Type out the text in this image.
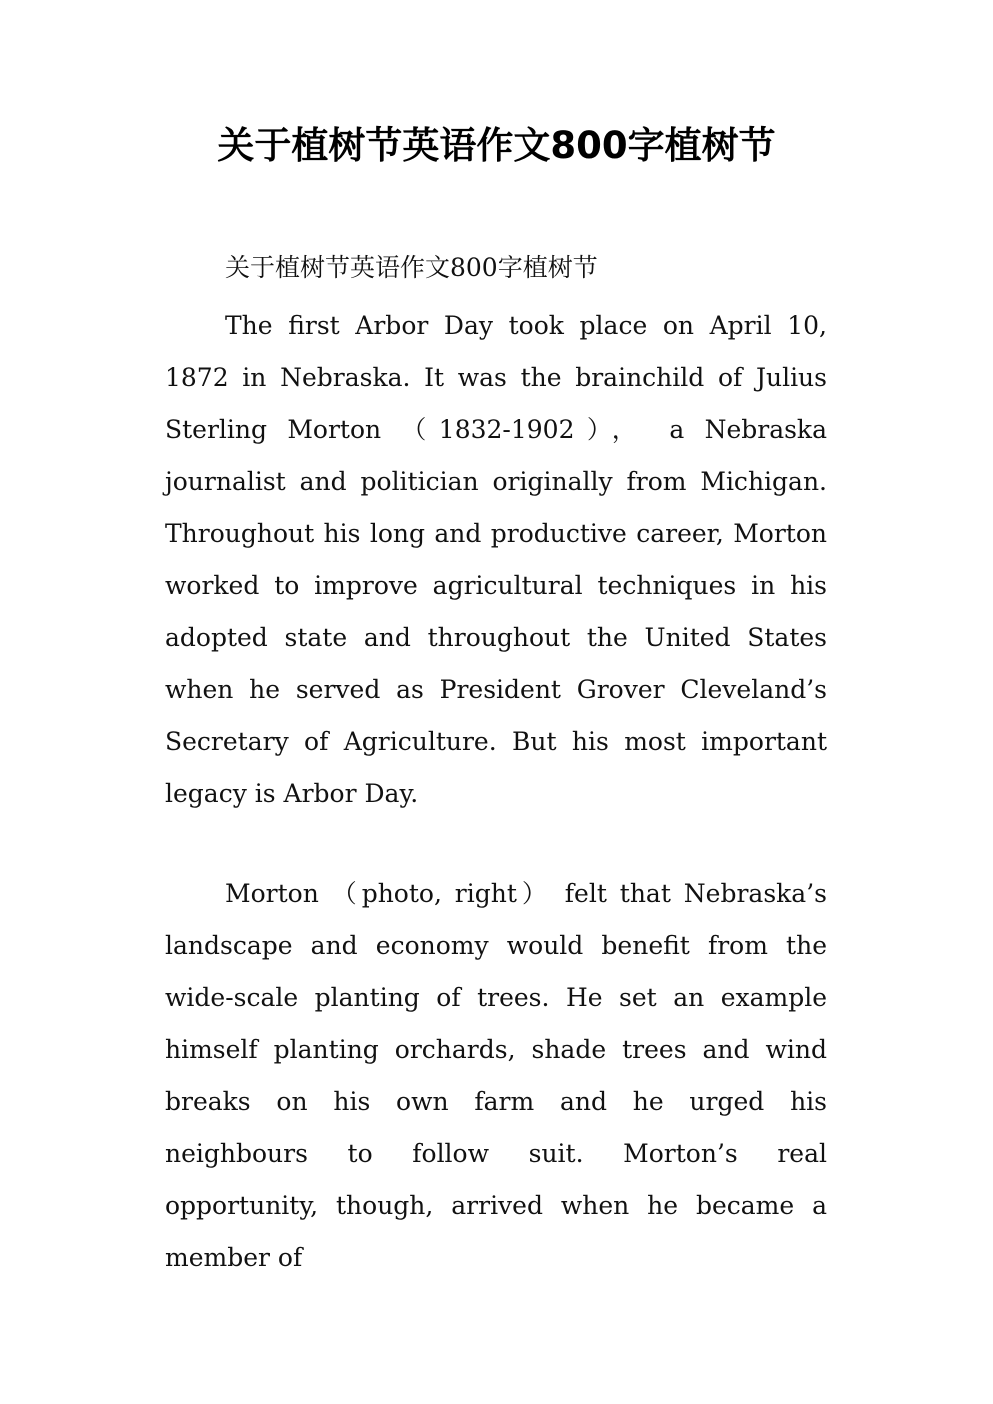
关于植树节英语作文800字植树节
关于植树节英语作文800字植树节

The first Arbor Day took place on April 10, 1872 in Nebraska. It was the brainchild of Julius Sterling Morton （1832-1902）， a Nebraska journalist and politician originally from Michigan. Throughout his long and productive career, Morton worked to improve agricultural techniques in his adopted state and throughout the United States when he served as President Grover Cleveland’s Secretary of Agriculture. But his most important legacy is Arbor Day.

Morton （photo, right） felt that Nebraska’s landscape and economy would benefit from the wide-scale planting of trees. He set an example himself planting orchards, shade trees and wind breaks on his own farm and he urged his neighbours to follow suit. Morton’s real opportunity, though, arrived when he became a member of
